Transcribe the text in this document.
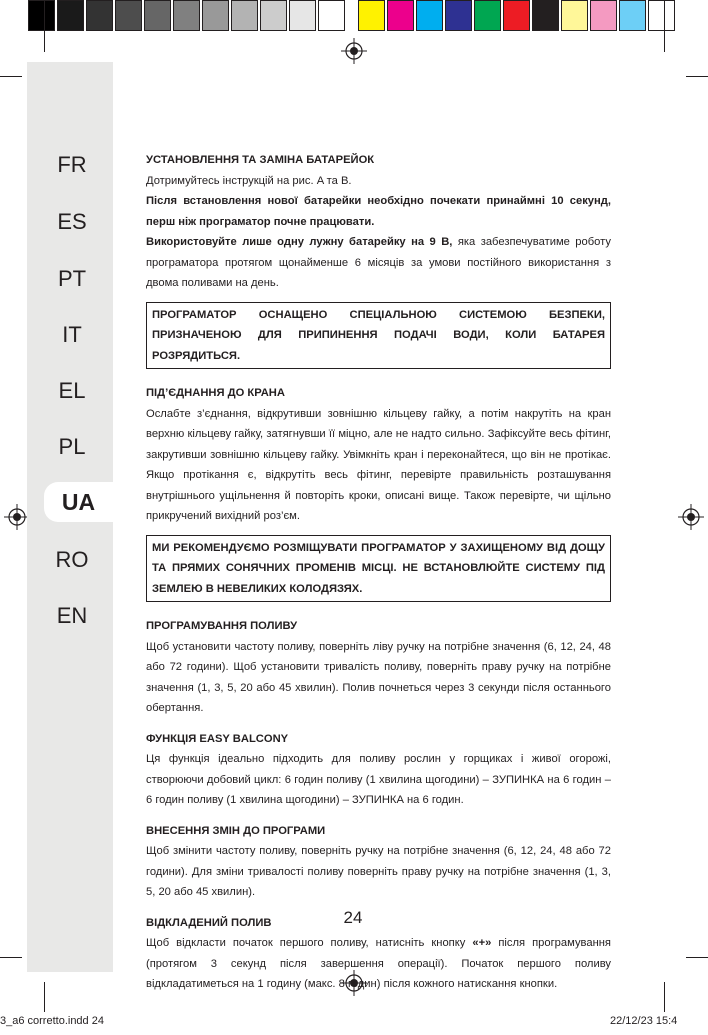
FR
ES
PT
IT
EL
PL
UA
RO
EN

УСТАНОВЛЕННЯ ТА ЗАМІНА БАТАРЕЙОК

Дотримуйтесь інструкцій на рис. A та B.

Після встановлення нової батарейки необхідно почекати принаймні 10 секунд, перш ніж програматор почне працювати.

Використовуйте лише одну лужну батарейку на 9 В, яка забезпечуватиме роботу програматора протягом щонайменше 6 місяців за умови постійного використання з двома поливами на день.

ПРОГРАМАТОР ОСНАЩЕНО СПЕЦІАЛЬНОЮ СИСТЕМОЮ БЕЗПЕКИ, ПРИЗНАЧЕНОЮ ДЛЯ ПРИПИНЕННЯ ПОДАЧІ ВОДИ, КОЛИ БАТАРЕЯ РОЗРЯДИТЬСЯ.

ПІД’ЄДНАННЯ ДО КРАНА

Ослабте з’єднання, відкрутивши зовнішню кільцеву гайку, а потім накрутіть на кран верхню кільцеву гайку, затягнувши її міцно, але не надто сильно. Зафіксуйте весь фітинг, закрутивши зовнішню кільцеву гайку. Увімкніть кран і переконайтеся, що він не протікає. Якщо протікання є, відкрутіть весь фітинг, перевірте правильність розташування внутрішнього ущільнення й повторіть кроки, описані вище. Також перевірте, чи щільно прикручений вихідний роз’єм.

МИ РЕКОМЕНДУЄМО РОЗМІЩУВАТИ ПРОГРАМАТОР У ЗАХИЩЕНОМУ ВІД ДОЩУ ТА ПРЯМИХ СОНЯЧНИХ ПРОМЕНІВ МІСЦІ. НЕ ВСТАНОВЛЮЙТЕ СИСТЕМУ ПІД ЗЕМЛЕЮ В НЕВЕЛИКИХ КОЛОДЯЗЯХ.

ПРОГРАМУВАННЯ ПОЛИВУ

Щоб установити частоту поливу, поверніть ліву ручку на потрібне значення (6, 12, 24, 48 або 72 години). Щоб установити тривалість поливу, поверніть праву ручку на потрібне значення (1, 3, 5, 20 або 45 хвилин). Полив почнеться через 3 секунди після останнього обертання.

ФУНКЦІЯ EASY BALCONY

Ця функція ідеально підходить для поливу рослин у горщиках і живої огорожі, створюючи добовий цикл: 6 годин поливу (1 хвилина щогодини) – ЗУПИНКА на 6 годин – 6 годин поливу (1 хвилина щогодини) – ЗУПИНКА на 6 годин.

ВНЕСЕННЯ ЗМІН ДО ПРОГРАМИ

Щоб змінити частоту поливу, поверніть ручку на потрібне значення (6, 12, 24, 48 або 72 години). Для зміни тривалості поливу поверніть праву ручку на потрібне значення (1, 3, 5, 20 або 45 хвилин).

ВІДКЛАДЕНИЙ ПОЛИВ

Щоб відкласти початок першого поливу, натисніть кнопку «+» після програмування (протягом 3 секунд після завершення операції). Початок першого поливу відкладатиметься на 1 годину (макс. 8 годин) після кожного натискання кнопки.

24
3_a6 corretto.indd 24	22/12/23 15:4
